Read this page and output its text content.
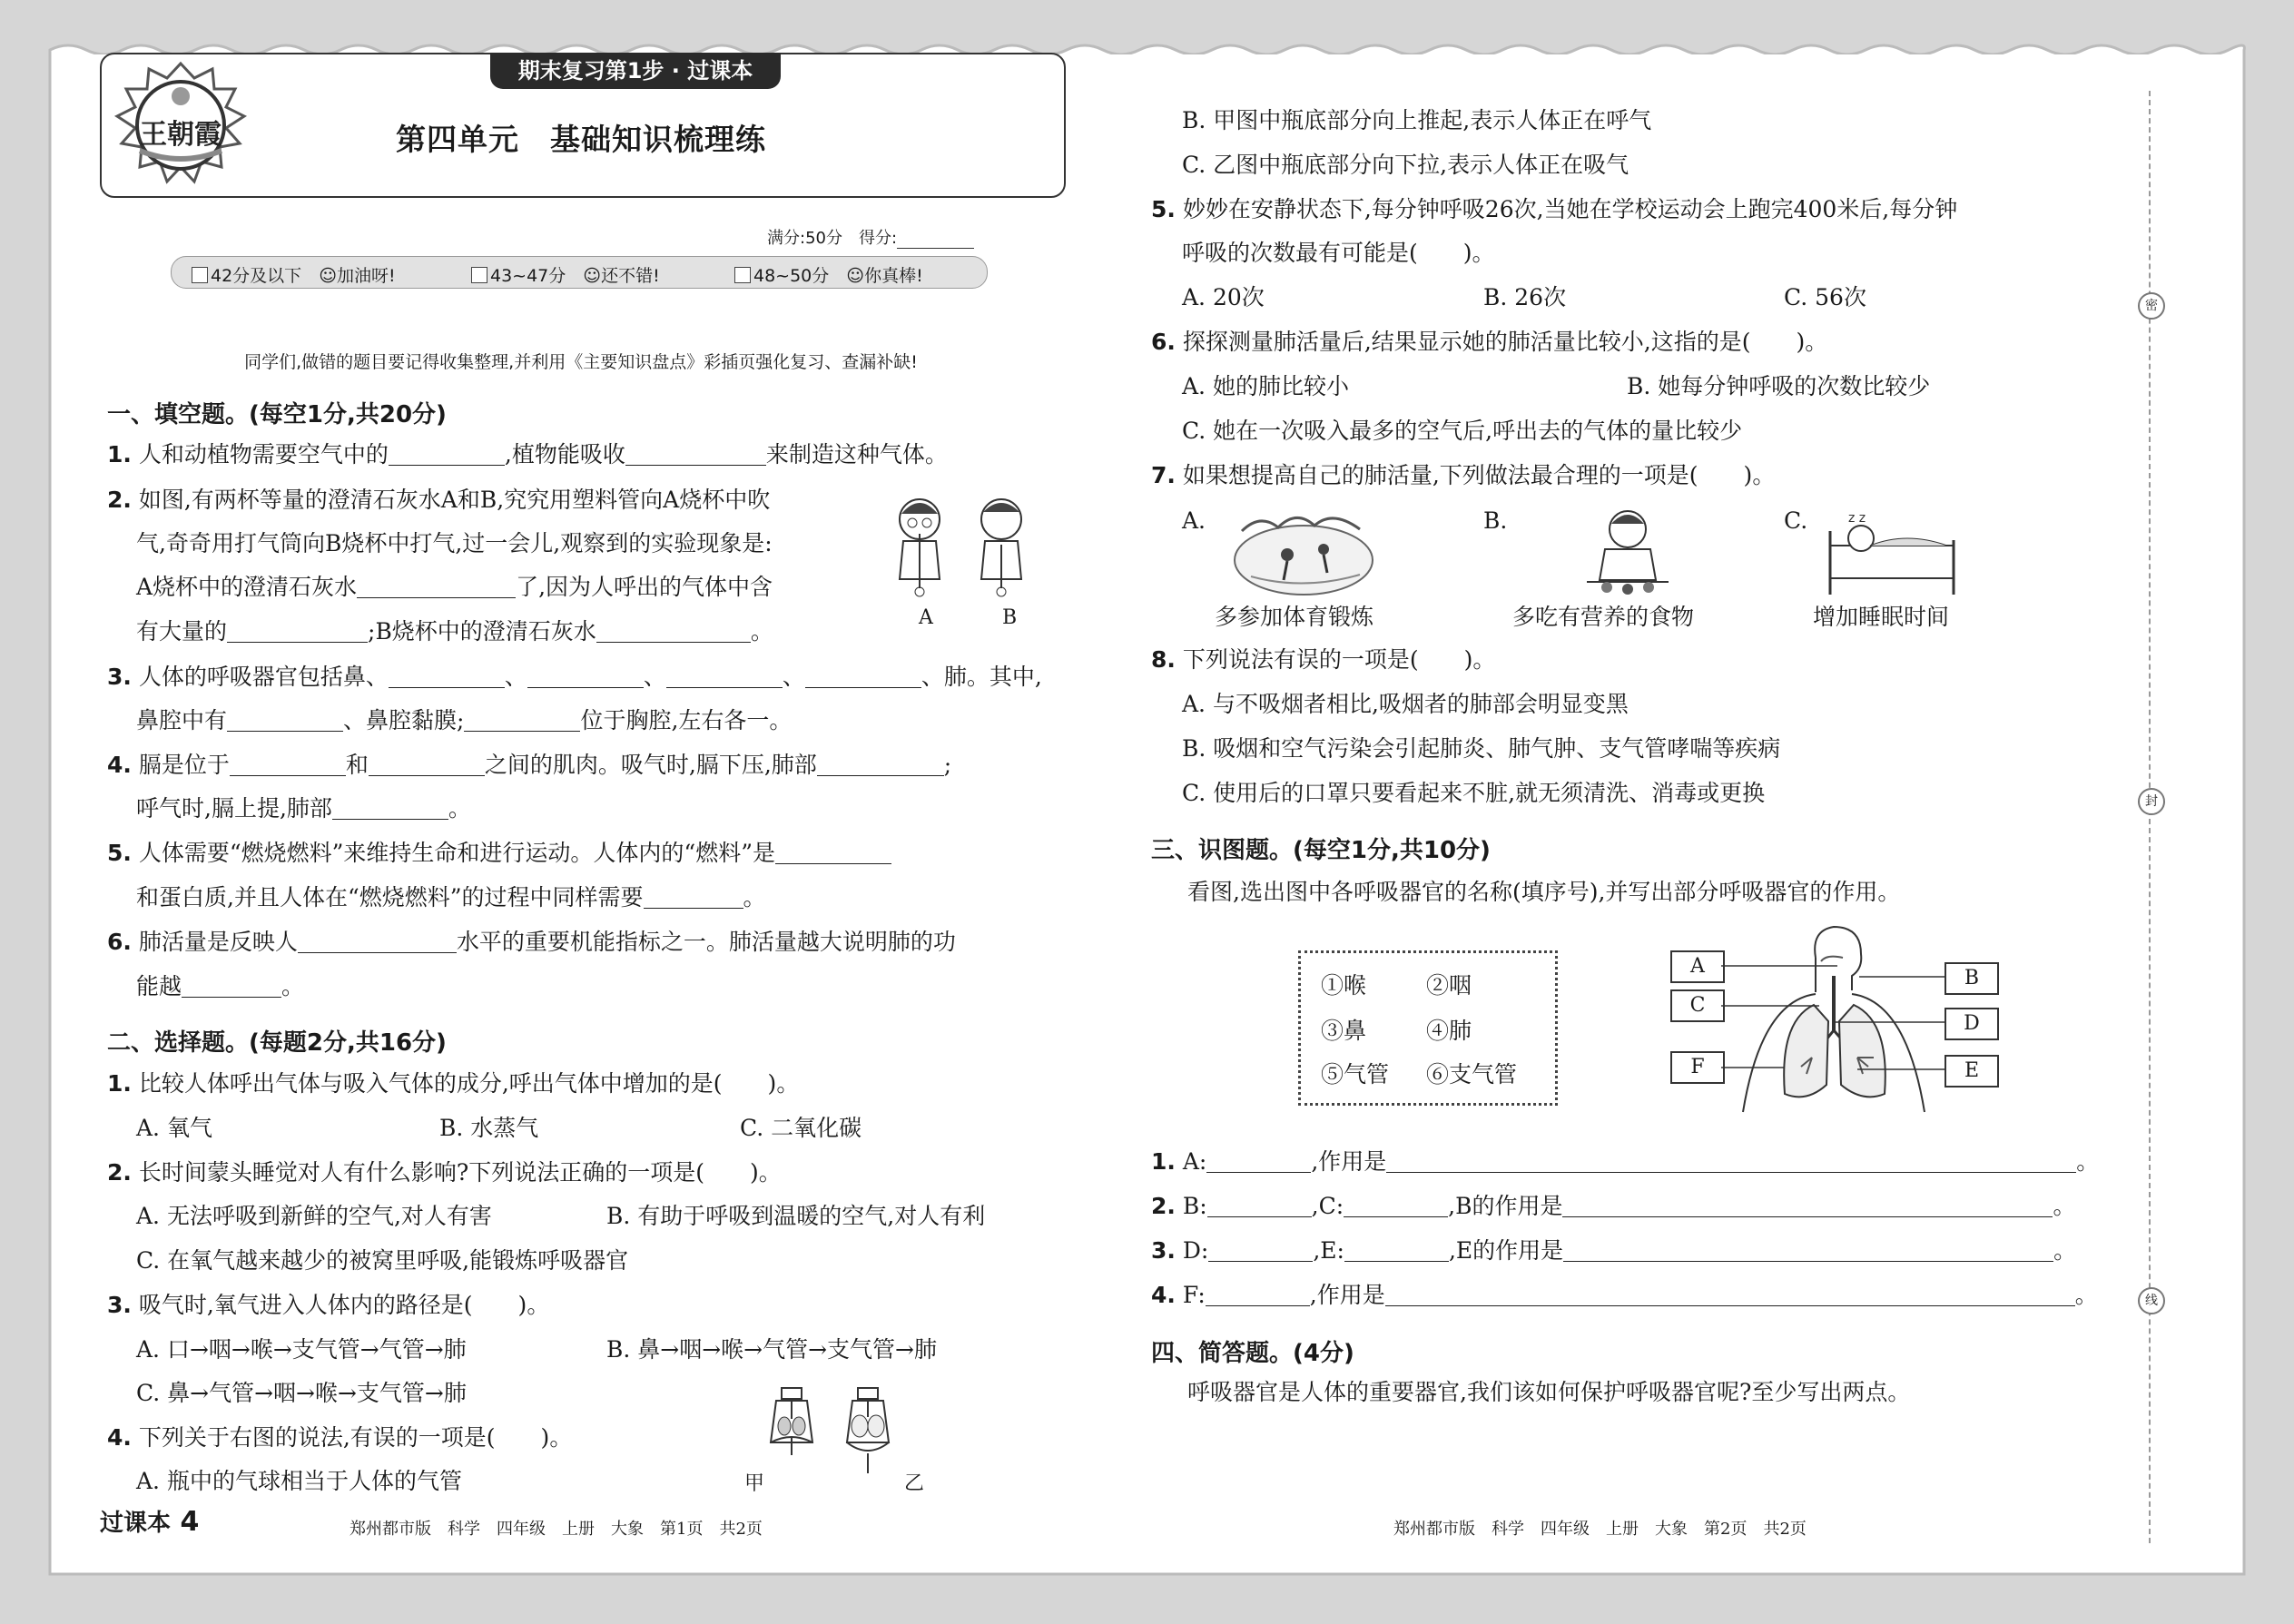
期末复习第1步 · 过课本
王朝霞	第四单元　基础知识梳理练
满分:50分　 得分:
42分及以下　 ☺加油呀!	43~47分　 ☺还不错!	48~50分　 ☺你真棒!
同学们,做错的题目要记得收集整理,并利用《主要知识盘点》彩插页强化复习、查漏补缺!
一、填空题。(每空1分,共20分)
1. 人和动植物需要空气中的	,植物能吸收	来制造这种气体。
2. 如图,有两杯等量的澄清石灰水A和B,究究用塑料管向A烧杯中吹
气,奇奇用打气筒向B烧杯中打气,过一会儿,观察到的实验现象是:
A烧杯中的澄清石灰水	了,因为人呼出的气体中含
有大量的	;B烧杯中的澄清石灰水	。
A	B
3. 人体的呼吸器官包括鼻、	、	、	、	、肺。其中,
鼻腔中有	、鼻腔黏膜;	位于胸腔,左右各一。
4. 膈是位于	和	之间的肌肉。吸气时,膈下压,肺部	;
呼气时,膈上提,肺部	。
5. 人体需要“燃烧燃料”来维持生命和进行运动。人体内的“燃料”是
和蛋白质,并且人体在“燃烧燃料”的过程中同样需要	。
6. 肺活量是反映人	水平的重要机能指标之一。肺活量越大说明肺的功
能越	。
二、选择题。(每题2分,共16分)
1. 比较人体呼出气体与吸入气体的成分,呼出气体中增加的是(　　)。
A. 氧气	B. 水蒸气	C. 二氧化碳
2. 长时间蒙头睡觉对人有什么影响?下列说法正确的一项是(　　)。
A. 无法呼吸到新鲜的空气,对人有害	B. 有助于呼吸到温暖的空气,对人有利
C. 在氧气越来越少的被窝里呼吸,能锻炼呼吸器官
3. 吸气时,氧气进入人体内的路径是(　　)。
A. 口→咽→喉→支气管→气管→肺	B. 鼻→咽→喉→气管→支气管→肺
C. 鼻→气管→咽→喉→支气管→肺
4. 下列关于右图的说法,有误的一项是(　　)。
A. 瓶中的气球相当于人体的气管	甲	乙
过课本 4	郑州都市版　科学　四年级　上册　大象　第1页　共2页
B. 甲图中瓶底部分向上推起,表示人体正在呼气
C. 乙图中瓶底部分向下拉,表示人体正在吸气
5. 妙妙在安静状态下,每分钟呼吸26次,当她在学校运动会上跑完400米后,每分钟
呼吸的次数最有可能是(　　)。
A. 20次	B. 26次	C. 56次
6. 探探测量肺活量后,结果显示她的肺活量比较小,这指的是(　　)。
A. 她的肺比较小	B. 她每分钟呼吸的次数比较少
C. 她在一次吸入最多的空气后,呼出去的气体的量比较少
7. 如果想提高自己的肺活量,下列做法最合理的一项是(　　)。
A.	B.	C.	z z
多参加体育锻炼	多吃有营养的食物	增加睡眠时间
8. 下列说法有误的一项是(　　)。
A. 与不吸烟者相比,吸烟者的肺部会明显变黑
B. 吸烟和空气污染会引起肺炎、肺气肿、支气管哮喘等疾病
C. 使用后的口罩只要看起来不脏,就无须清洗、消毒或更换
三、识图题。(每空1分,共10分)
看图,选出图中各呼吸器官的名称(填序号),并写出部分呼吸器官的作用。
①喉	②咽
③鼻	④肺
⑤气管 ⑥支气管
A
B
C
D
F	E
1. A:	,作用是	。
2. B:	,C:	,B的作用是	。
3. D:	,E:	,E的作用是	。
4. F:	,作用是	。
四、简答题。(4分)
呼吸器官是人体的重要器官,我们该如何保护呼吸器官呢?至少写出两点。
郑州都市版　科学　四年级　上册　大象　第2页　共2页
密
封
线
